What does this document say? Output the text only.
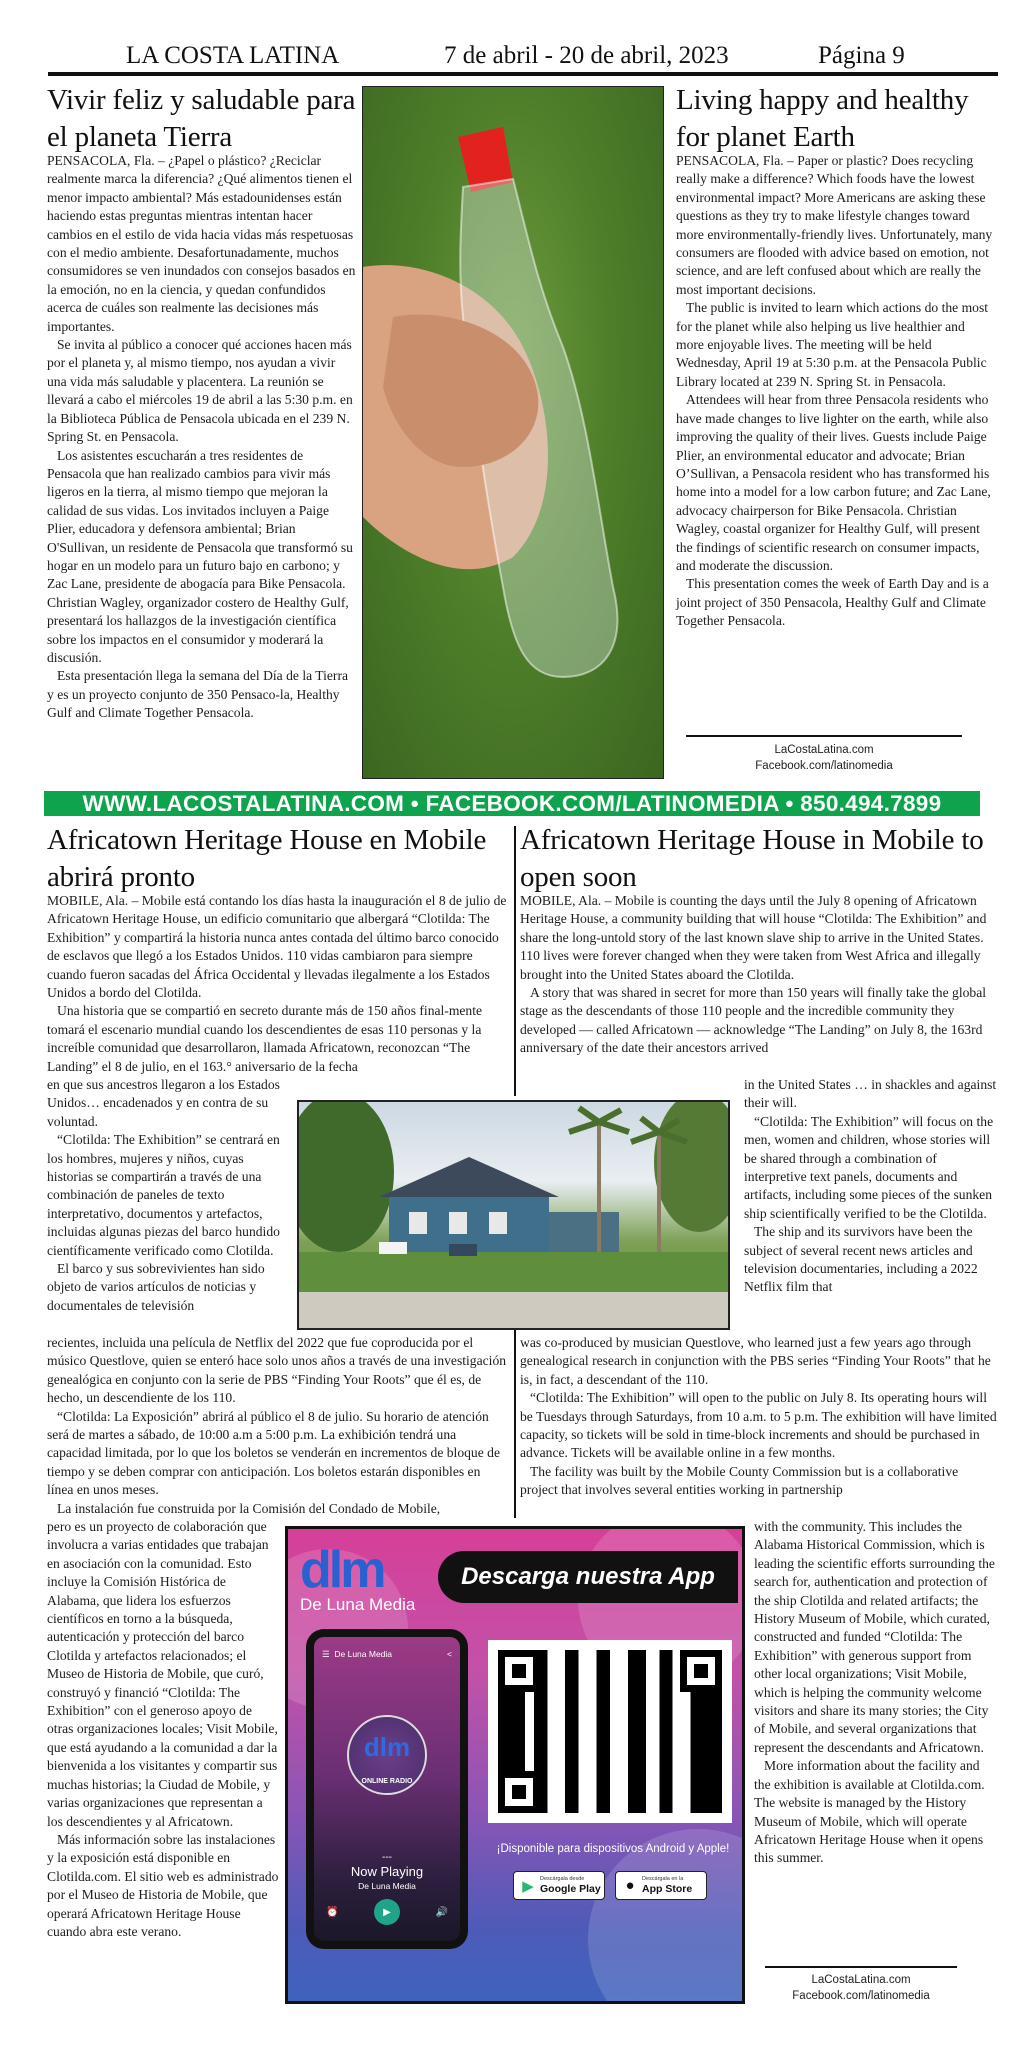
LA COSTA LATINA	7 de abril - 20 de abril, 2023	Página 9
Vivir feliz y saludable para el planeta Tierra

PENSACOLA, Fla. – ¿Papel o plástico? ¿Reciclar realmente marca la diferencia? ¿Qué alimentos tienen el menor impacto ambiental? Más estadounidenses están haciendo estas preguntas mientras intentan hacer cambios en el estilo de vida hacia vidas más respetuosas con el medio ambiente. Desafortunadamente, muchos consumidores se ven inundados con consejos basados en la emoción, no en la ciencia, y quedan confundidos acerca de cuáles son realmente las decisiones más importantes.

Se invita al público a conocer qué acciones hacen más por el planeta y, al mismo tiempo, nos ayudan a vivir una vida más saludable y placentera. La reunión se llevará a cabo el miércoles 19 de abril a las 5:30 p.m. en la Biblioteca Pública de Pensacola ubicada en el 239 N. Spring St. en Pensacola.

Los asistentes escucharán a tres residentes de Pensacola que han realizado cambios para vivir más ligeros en la tierra, al mismo tiempo que mejoran la calidad de sus vidas. Los invitados incluyen a Paige Plier, educadora y defensora ambiental; Brian O'Sullivan, un residente de Pensacola que transformó su hogar en un modelo para un futuro bajo en carbono; y Zac Lane, presidente de abogacía para Bike Pensacola. Christian Wagley, organizador costero de Healthy Gulf, presentará los hallazgos de la investigación científica sobre los impactos en el consumidor y moderará la discusión.

Esta presentación llega la semana del Día de la Tierra y es un proyecto conjunto de 350 Pensaco-la, Healthy Gulf and Climate Together Pensacola.

Living happy and healthy for planet Earth

PENSACOLA, Fla. – Paper or plastic? Does recycling really make a difference? Which foods have the lowest environmental impact? More Americans are asking these questions as they try to make lifestyle changes toward more environmentally-friendly lives. Unfortunately, many consumers are flooded with advice based on emotion, not science, and are left confused about which are really the most important decisions.

The public is invited to learn which actions do the most for the planet while also helping us live healthier and more enjoyable lives. The meeting will be held Wednesday, April 19 at 5:30 p.m. at the Pensacola Public Library located at 239 N. Spring St. in Pensacola.

Attendees will hear from three Pensacola residents who have made changes to live lighter on the earth, while also improving the quality of their lives. Guests include Paige Plier, an environmental educator and advocate; Brian O’Sullivan, a Pensacola resident who has transformed his home into a model for a low carbon future; and Zac Lane, advocacy chairperson for Bike Pensacola. Christian Wagley, coastal organizer for Healthy Gulf, will present the findings of scientific research on consumer impacts, and moderate the discussion.

This presentation comes the week of Earth Day and is a joint project of 350 Pensacola, Healthy Gulf and Climate Together Pensacola.

LaCostaLatina.com
Facebook.com/latinomedia
WWW.LACOSTALATINA.COM • FACEBOOK.COM/LATINOMEDIA • 850.494.7899
Africatown Heritage House en Mobile abrirá pronto

MOBILE, Ala. – Mobile está contando los días hasta la inauguración el 8 de julio de Africatown Heritage House, un edificio comunitario que albergará “Clotilda: The Exhibition” y compartirá la historia nunca antes contada del último barco conocido de esclavos que llegó a los Estados Unidos. 110 vidas cambiaron para siempre cuando fueron sacadas del África Occidental y llevadas ilegalmente a los Estados Unidos a bordo del Clotilda.

Una historia que se compartió en secreto durante más de 150 años final-mente tomará el escenario mundial cuando los descendientes de esas 110 personas y la increíble comunidad que desarrollaron, llamada Africatown, reconozcan “The Landing” el 8 de julio, en el 163.° aniversario de la fecha

en que sus ancestros llegaron a los Estados Unidos… encadenados y en contra de su voluntad.

“Clotilda: The Exhibition” se centrará en los hombres, mujeres y niños, cuyas historias se compartirán a través de una combinación de paneles de texto interpretativo, documentos y artefactos, incluidas algunas piezas del barco hundido científicamente verificado como Clotilda.

El barco y sus sobrevivientes han sido objeto de varios artículos de noticias y documentales de televisión

recientes, incluida una película de Netflix del 2022 que fue coproducida por el músico Questlove, quien se enteró hace solo unos años a través de una investigación genealógica en conjunto con la serie de PBS “Finding Your Roots” que él es, de hecho, un descendiente de los 110.

“Clotilda: La Exposición” abrirá al público el 8 de julio. Su horario de atención será de martes a sábado, de 10:00 a.m a 5:00 p.m. La exhibición tendrá una capacidad limitada, por lo que los boletos se venderán en incrementos de bloque de tiempo y se deben comprar con anticipación. Los boletos estarán disponibles en línea en unos meses.

La instalación fue construida por la Comisión del Condado de Mobile,

pero es un proyecto de colaboración que involucra a varias entidades que trabajan en asociación con la comunidad. Esto incluye la Comisión Histórica de Alabama, que lidera los esfuerzos científicos en torno a la búsqueda, autenticación y protección del barco Clotilda y artefactos relacionados; el Museo de Historia de Mobile, que curó, construyó y financió “Clotilda: The Exhibition” con el generoso apoyo de otras organizaciones locales; Visit Mobile, que está ayudando a la comunidad a dar la bienvenida a los visitantes y compartir sus muchas historias; la Ciudad de Mobile, y varias organizaciones que representan a los descendientes y al Africatown.

Más información sobre las instalaciones y la exposición está disponible en Clotilda.com. El sitio web es administrado por el Museo de Historia de Mobile, que operará Africatown Heritage House cuando abra este verano.

Africatown Heritage House in Mobile to open soon

MOBILE, Ala. – Mobile is counting the days until the July 8 opening of Africatown Heritage House, a community building that will house “Clotilda: The Exhibition” and share the long-untold story of the last known slave ship to arrive in the United States. 110 lives were forever changed when they were taken from West Africa and illegally brought into the United States aboard the Clotilda.

A story that was shared in secret for more than 150 years will finally take the global stage as the descendants of those 110 people and the incredible community they developed — called Africatown — acknowledge “The Landing” on July 8, the 163rd anniversary of the date their ancestors arrived

in the United States … in shackles and against their will.

“Clotilda: The Exhibition” will focus on the men, women and children, whose stories will be shared through a combination of interpretive text panels, documents and artifacts, including some pieces of the sunken ship scientifically verified to be the Clotilda.

The ship and its survivors have been the subject of several recent news articles and television documentaries, including a 2022 Netflix film that

was co-produced by musician Questlove, who learned just a few years ago through genealogical research in conjunction with the PBS series “Finding Your Roots” that he is, in fact, a descendant of the 110.

“Clotilda: The Exhibition” will open to the public on July 8. Its operating hours will be Tuesdays through Saturdays, from 10 a.m. to 5 p.m. The exhibition will have limited capacity, so tickets will be sold in time-block increments and should be purchased in advance. Tickets will be available online in a few months.

The facility was built by the Mobile County Commission but is a collaborative project that involves several entities working in partnership

with the community. This includes the Alabama Historical Commission, which is leading the scientific efforts surrounding the search for, authentication and protection of the ship Clotilda and related artifacts; the History Museum of Mobile, which curated, constructed and funded “Clotilda: The Exhibition” with generous support from other local organizations; Visit Mobile, which is helping the community welcome visitors and share its many stories; the City of Mobile, and several organizations that represent the descendants and Africatown.

More information about the facility and the exhibition is available at Clotilda.com. The website is managed by the History Museum of Mobile, which will operate Africatown Heritage House when it opens this summer.

LaCostaLatina.com
Facebook.com/latinomedia
dlm
De Luna Media
Descarga nuestra App
☰ De Luna Media	<
dlm
ONLINE RADIO
---
Now Playing
De Luna Media
⏰	▶	🔊
¡Disponible para dispositivos Android y Apple!
▶	Descárgala desde
Google Play ●	Descárgala en la
App Store
